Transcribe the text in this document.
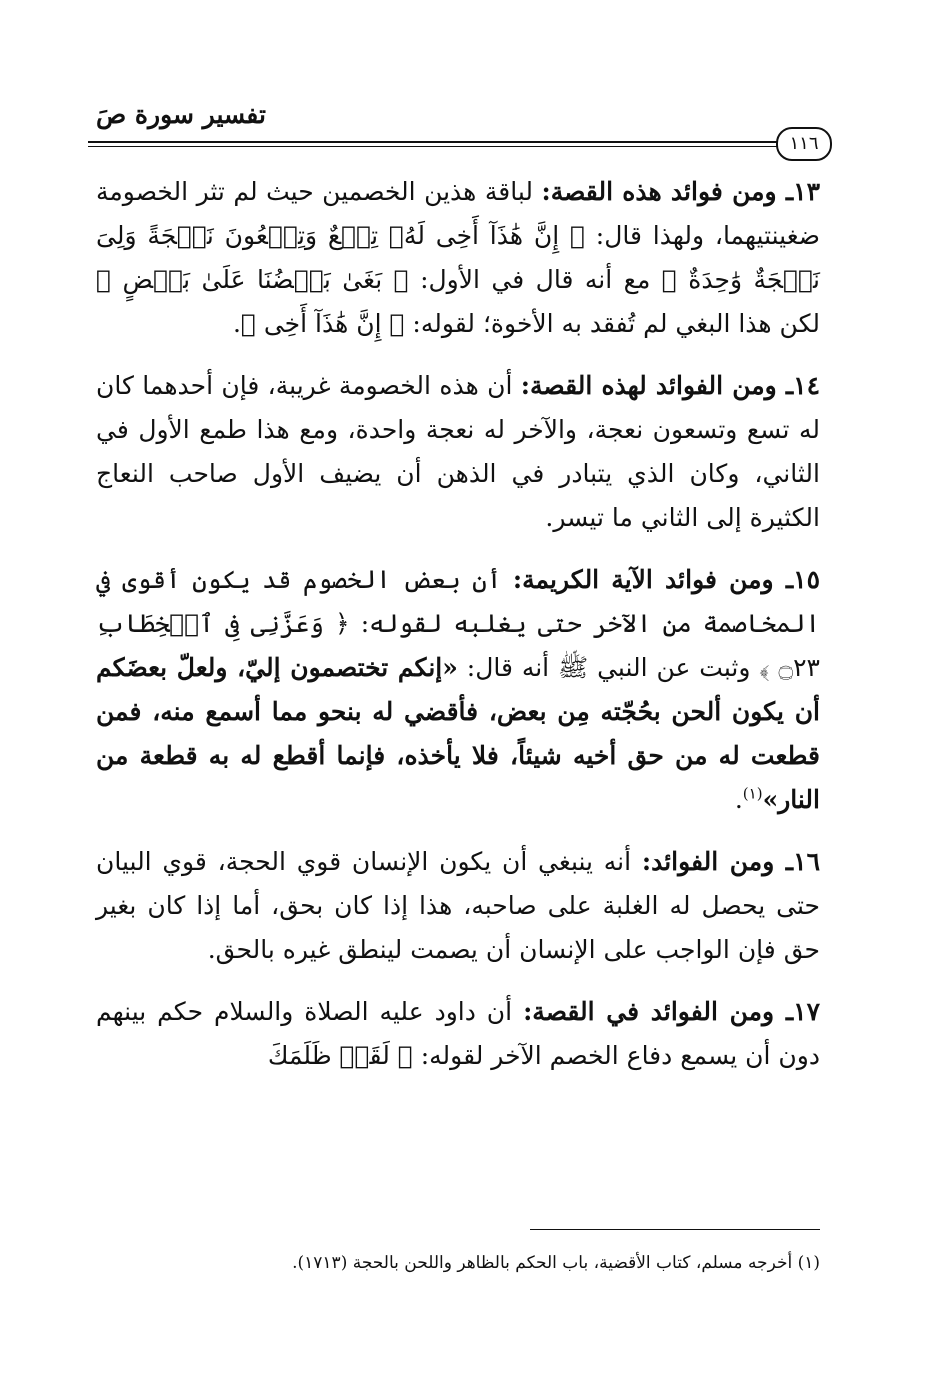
تفسير سورة صَ
١١٦

١٣ـ ومن فوائد هذه القصة: لباقة هذين الخصمين حيث لم تثر الخصومة ضغينتيهما، ولهذا قال: ﴿ إِنَّ هَٰذَآ أَخِى لَهُۥ تِسۡعٌ وَتِسۡعُونَ نَعۡجَةً وَلِىَ نَعۡجَةٌ وَٰحِدَةٌ ﴾ مع أنه قال في الأول: ﴿ بَغَىٰ بَعۡضُنَا عَلَىٰ بَعۡضٍ ﴾ لكن هذا البغي لم تُفقد به الأخوة؛ لقوله: ﴿ إِنَّ هَٰذَآ أَخِى ﴾.

١٤ـ ومن الفوائد لهذه القصة: أن هذه الخصومة غريبة، فإن أحدهما كان له تسع وتسعون نعجة، والآخر له نعجة واحدة، ومع هذا طمع الأول في الثاني، وكان الذي يتبادر في الذهن أن يضيف الأول صاحب النعاج الكثيرة إلى الثاني ما تيسر.

١٥ـ ومن فوائد الآية الكريمة: أن بعض الخصوم قد يكون أقوى في المخاصمة من الآخر حتى يغلبه لقوله: ﴿ وَعَزَّنِى فِى ٱلۡخِطَابِ ۝٢٣ ﴾ وثبت عن النبي ﷺ أنه قال: «إنكم تختصمون إليّ، ولعلّ بعضَكم أن يكون ألحن بحُجّته مِن بعض، فأقضي له بنحو مما أسمع منه، فمن قطعت له من حق أخيه شيئاً، فلا يأخذه، فإنما أقطع له به قطعة من النار»$^{(١)}$.

١٦ـ ومن الفوائد: أنه ينبغي أن يكون الإنسان قوي الحجة، قوي البيان حتى يحصل له الغلبة على صاحبه، هذا إذا كان بحق، أما إذا كان بغير حق فإن الواجب على الإنسان أن يصمت لينطق غيره بالحق.

١٧ـ ومن الفوائد في القصة: أن داود عليه الصلاة والسلام حكم بينهم دون أن يسمع دفاع الخصم الآخر لقوله: ﴿ لَقَدۡ ظَلَمَكَ

(١) أخرجه مسلم، كتاب الأقضية، باب الحكم بالظاهر واللحن بالحجة (١٧١٣).
